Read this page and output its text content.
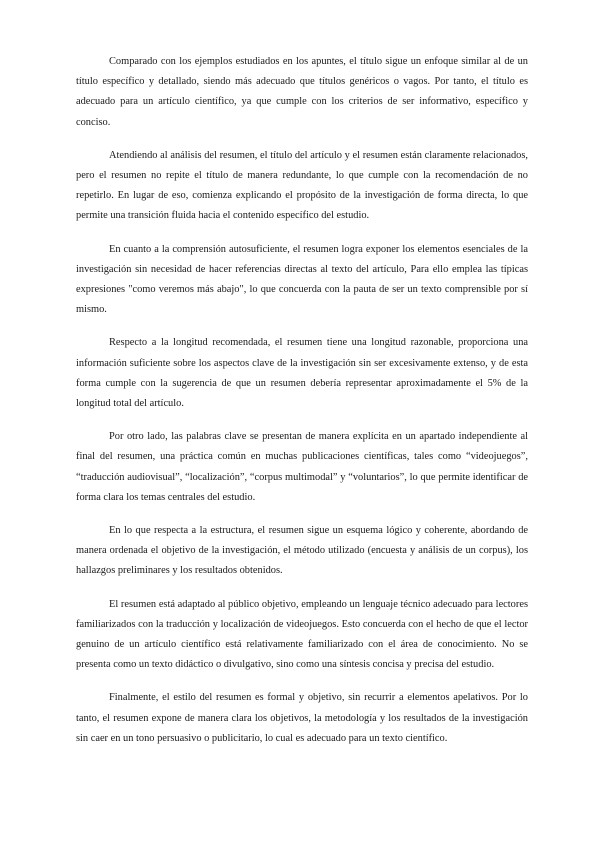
Comparado con los ejemplos estudiados en los apuntes, el título sigue un enfoque similar al de un título específico y detallado, siendo más adecuado que títulos genéricos o vagos. Por tanto, el título es adecuado para un artículo científico, ya que cumple con los criterios de ser informativo, específico y conciso.

Atendiendo al análisis del resumen, el título del artículo y el resumen están claramente relacionados, pero el resumen no repite el título de manera redundante, lo que cumple con la recomendación de no repetirlo. En lugar de eso, comienza explicando el propósito de la investigación de forma directa, lo que permite una transición fluida hacia el contenido específico del estudio.

En cuanto a la comprensión autosuficiente, el resumen logra exponer los elementos esenciales de la investigación sin necesidad de hacer referencias directas al texto del artículo, Para ello emplea las típicas expresiones "como veremos más abajo", lo que concuerda con la pauta de ser un texto comprensible por sí mismo.

Respecto a la longitud recomendada, el resumen tiene una longitud razonable, proporciona una información suficiente sobre los aspectos clave de la investigación sin ser excesivamente extenso, y de esta forma cumple con la sugerencia de que un resumen debería representar aproximadamente el 5% de la longitud total del artículo.

Por otro lado, las palabras clave se presentan de manera explícita en un apartado independiente al final del resumen, una práctica común en muchas publicaciones científicas, tales como “videojuegos”, “traducción audiovisual”, “localización”, “corpus multimodal” y “voluntarios”, lo que permite identificar de forma clara los temas centrales del estudio.

En lo que respecta a la estructura, el resumen sigue un esquema lógico y coherente, abordando de manera ordenada el objetivo de la investigación, el método utilizado (encuesta y análisis de un corpus), los hallazgos preliminares y los resultados obtenidos.

El resumen está adaptado al público objetivo, empleando un lenguaje técnico adecuado para lectores familiarizados con la traducción y localización de videojuegos. Esto concuerda con el hecho de que el lector genuino de un artículo científico está relativamente familiarizado con el área de conocimiento. No se presenta como un texto didáctico o divulgativo, sino como una síntesis concisa y precisa del estudio.

Finalmente, el estilo del resumen es formal y objetivo, sin recurrir a elementos apelativos. Por lo tanto, el resumen expone de manera clara los objetivos, la metodología y los resultados de la investigación sin caer en un tono persuasivo o publicitario, lo cual es adecuado para un texto científico.
